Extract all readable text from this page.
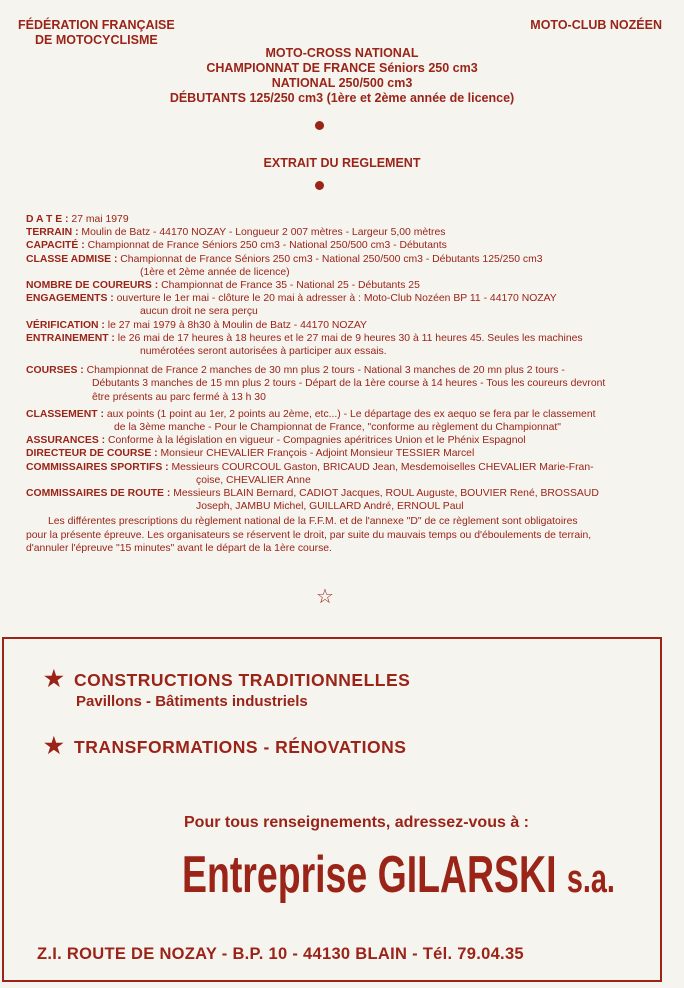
FÉDÉRATION FRANÇAISE
DE MOTOCYCLISME
MOTO-CLUB NOZÉEN
MOTO-CROSS NATIONAL
CHAMPIONNAT DE FRANCE Séniors 250 cm3
NATIONAL 250/500 cm3
DÉBUTANTS 125/250 cm3 (1ère et 2ème année de licence)
EXTRAIT DU REGLEMENT
D A T E : 27 mai 1979
TERRAIN : Moulin de Batz - 44170 NOZAY - Longueur 2 007 mètres - Largeur 5,00 mètres
CAPACITÉ : Championnat de France Séniors 250 cm3 - National 250/500 cm3 - Débutants
CLASSE ADMISE : Championnat de France Séniors 250 cm3 - National 250/500 cm3 - Débutants 125/250 cm3
(1ère et 2ème année de licence)
NOMBRE DE COUREURS : Championnat de France 35 - National 25 - Débutants 25
ENGAGEMENTS : ouverture le 1er mai - clôture le 20 mai à adresser à : Moto-Club Nozéen BP 11 - 44170 NOZAY
aucun droit ne sera perçu
VÉRIFICATION : le 27 mai 1979 à 8h30 à Moulin de Batz - 44170 NOZAY
ENTRAINEMENT : le 26 mai de 17 heures à 18 heures et le 27 mai de 9 heures 30 à 11 heures 45. Seules les machines
numérotées seront autorisées à participer aux essais.
COURSES : Championnat de France 2 manches de 30 mn plus 2 tours - National 3 manches de 20 mn plus 2 tours -
Débutants 3 manches de 15 mn plus 2 tours - Départ de la 1ère course à 14 heures - Tous les coureurs devront
être présents au parc fermé à 13 h 30
CLASSEMENT : aux points (1 point au 1er, 2 points au 2ème, etc...) - Le départage des ex aequo se fera par le classement
de la 3ème manche - Pour le Championnat de France, "conforme au règlement du Championnat"
ASSURANCES : Conforme à la législation en vigueur - Compagnies apéritrices Union et le Phénix Espagnol
DIRECTEUR DE COURSE : Monsieur CHEVALIER François - Adjoint Monsieur TESSIER Marcel
COMMISSAIRES SPORTIFS : Messieurs COURCOUL Gaston, BRICAUD Jean, Mesdemoiselles CHEVALIER Marie-Fran-
çoise, CHEVALIER Anne
COMMISSAIRES DE ROUTE : Messieurs BLAIN Bernard, CADIOT Jacques, ROUL Auguste, BOUVIER René, BROSSAUD
Joseph, JAMBU Michel, GUILLARD André, ERNOUL Paul
Les différentes prescriptions du règlement national de la F.F.M. et de l'annexe "D" de ce règlement sont obligatoires
pour la présente épreuve. Les organisateurs se réservent le droit, par suite du mauvais temps ou d'éboulements de terrain,
d'annuler l'épreuve "15 minutes" avant le départ de la 1ère course.
☆
★ CONSTRUCTIONS TRADITIONNELLES
Pavillons - Bâtiments industriels
★ TRANSFORMATIONS - RÉNOVATIONS
Pour tous renseignements, adressez-vous à :
Entreprise GILARSKI s.a.
Z.I. ROUTE DE NOZAY - B.P. 10 - 44130 BLAIN - Tél. 79.04.35
